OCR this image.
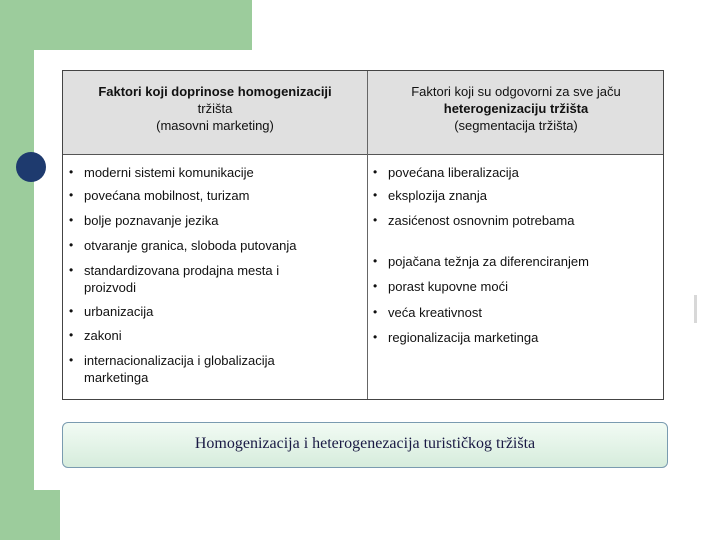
Faktori koji doprinose homogenizaciji
tržišta
(masovni marketing)
Faktori koji su odgovorni za sve jaču
heterogenizaciju tržišta
(segmentacija tržišta)
• moderni sistemi komunikacije
• povećana mobilnost, turizam
• bolje poznavanje jezika
• otvaranje granica, sloboda putovanja
• standardizovana prodajna mesta i proizvodi
• urbanizacija
• zakoni
• internacionalizacija i globalizacija marketinga
• povećana liberalizacija
• eksplozija znanja
• zasićenost osnovnim potrebama
• pojačana težnja za diferenciranjem
• porast kupovne moći
• veća kreativnost
• regionalizacija marketinga
Homogenizacija i heterogenezacija turističkog tržišta
